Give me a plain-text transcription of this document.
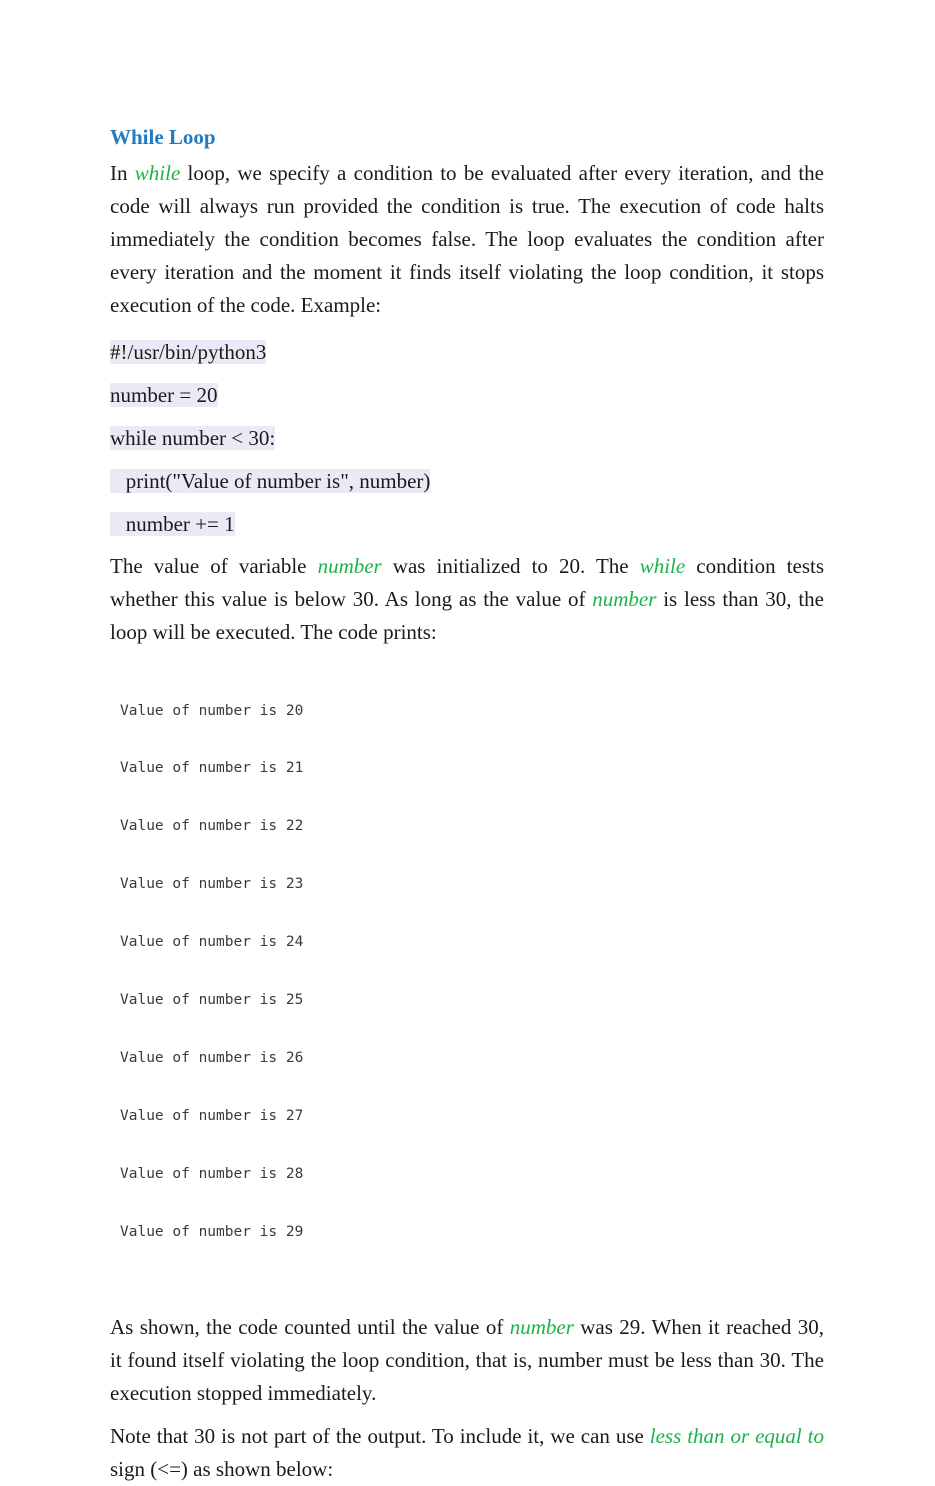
While Loop

In while loop, we specify a condition to be evaluated after every iteration, and the code will always run provided the condition is true. The execution of code halts immediately the condition becomes false. The loop evaluates the condition after every iteration and the moment it finds itself violating the loop condition, it stops execution of the code. Example:

#!/usr/bin/python3
number = 20
while number < 30:
print("Value of number is", number)
number += 1

The value of variable number was initialized to 20. The while condition tests whether this value is below 30. As long as the value of number is less than 30, the loop will be executed. The code prints:

Value of number is 20

Value of number is 21

Value of number is 22

Value of number is 23

Value of number is 24

Value of number is 25

Value of number is 26

Value of number is 27

Value of number is 28

Value of number is 29

As shown, the code counted until the value of number was 29. When it reached 30, it found itself violating the loop condition, that is, number must be less than 30. The execution stopped immediately.

Note that 30 is not part of the output. To include it, we can use less than or equal to sign (<=) as shown below:
